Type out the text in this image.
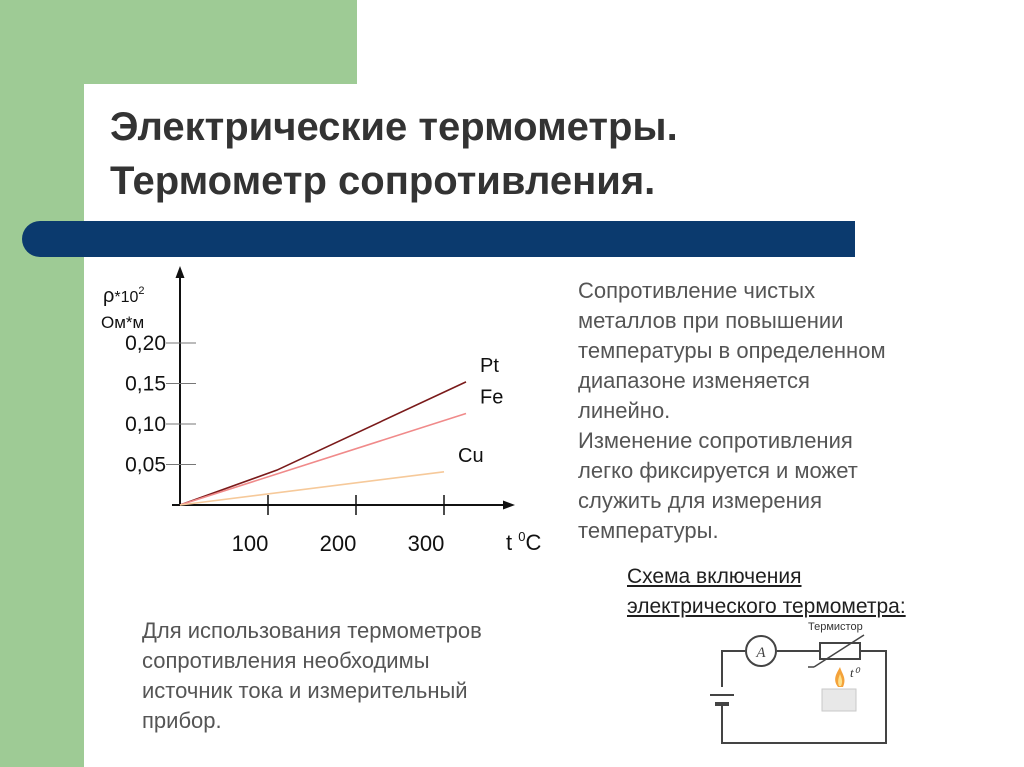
Электрические термометры.
Термометр сопротивления.
$\rho*10^2$
Ом*м
t $^0$C
0,05
0,10
0,15
0,20
100 200 300
Pt
Fe
Cu
Сопротивление чистых
металлов при повышении
температуры в определенном
диапазоне изменяется
линейно.
Изменение сопротивления
легко фиксируется и может
служить для измерения
температуры.
Схема включения
электрического термометра:
A
Термистор
t⁰
Для использования термометров
сопротивления необходимы
источник тока и измерительный
прибор.
